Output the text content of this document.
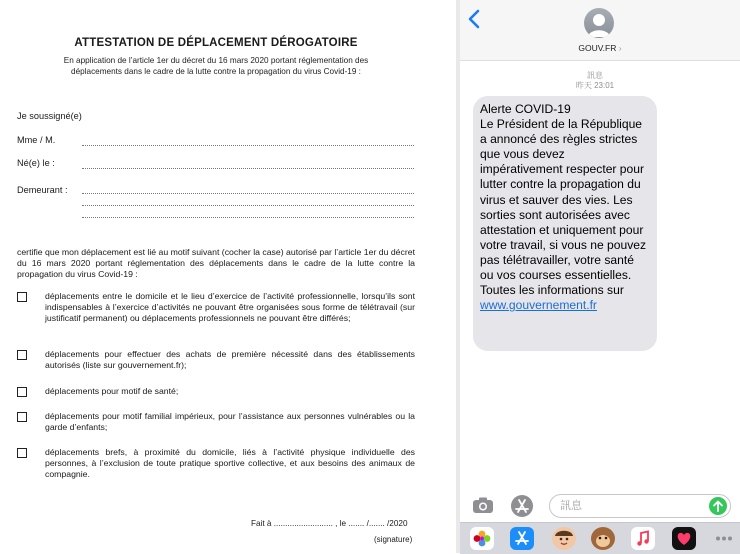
ATTESTATION DE DÉPLACEMENT DÉROGATOIRE
En application de l’article 1er du décret du 16 mars 2020 portant réglementation des
déplacements dans le cadre de la lutte contre la propagation du virus Covid-19 :
Je soussigné(e)
Mme / M.
Né(e) le :
Demeurant :
certifie que mon déplacement est lié au motif suivant (cocher la case) autorisé par l’article 1er du décret du 16 mars 2020 portant réglementation des déplacements dans le cadre de la lutte contre la propagation du virus Covid-19 :
déplacements entre le domicile et le lieu d’exercice de l’activité professionnelle, lorsqu’ils sont indispensables à l’exercice d’activités ne pouvant être organisées sous forme de télétravail (sur justificatif permanent) ou déplacements professionnels ne pouvant être différés;
déplacements pour effectuer des achats de première nécessité dans des établissements autorisés (liste sur gouvernement.fr);
déplacements pour motif de santé;
déplacements pour motif familial impérieux, pour l’assistance aux personnes vulnérables ou la garde d’enfants;
déplacements brefs, à proximité du domicile, liés à l’activité physique individuelle des personnes, à l’exclusion de toute pratique sportive collective, et aux besoins des animaux de compagnie.
Fait à .......................... , le ....... /....... /2020
(signature)
GOUV.FR ›
訊息
昨天 23:01
Alerte COVID-19
Le Président de la République a annoncé des règles strictes que vous devez impérativement respecter pour lutter contre la propagation du virus et sauver des vies. Les sorties sont autorisées avec attestation et uniquement pour votre travail, si vous ne pouvez pas télétravailler, votre santé ou vos courses essentielles. Toutes les informations sur
www.gouvernement.fr
訊息
